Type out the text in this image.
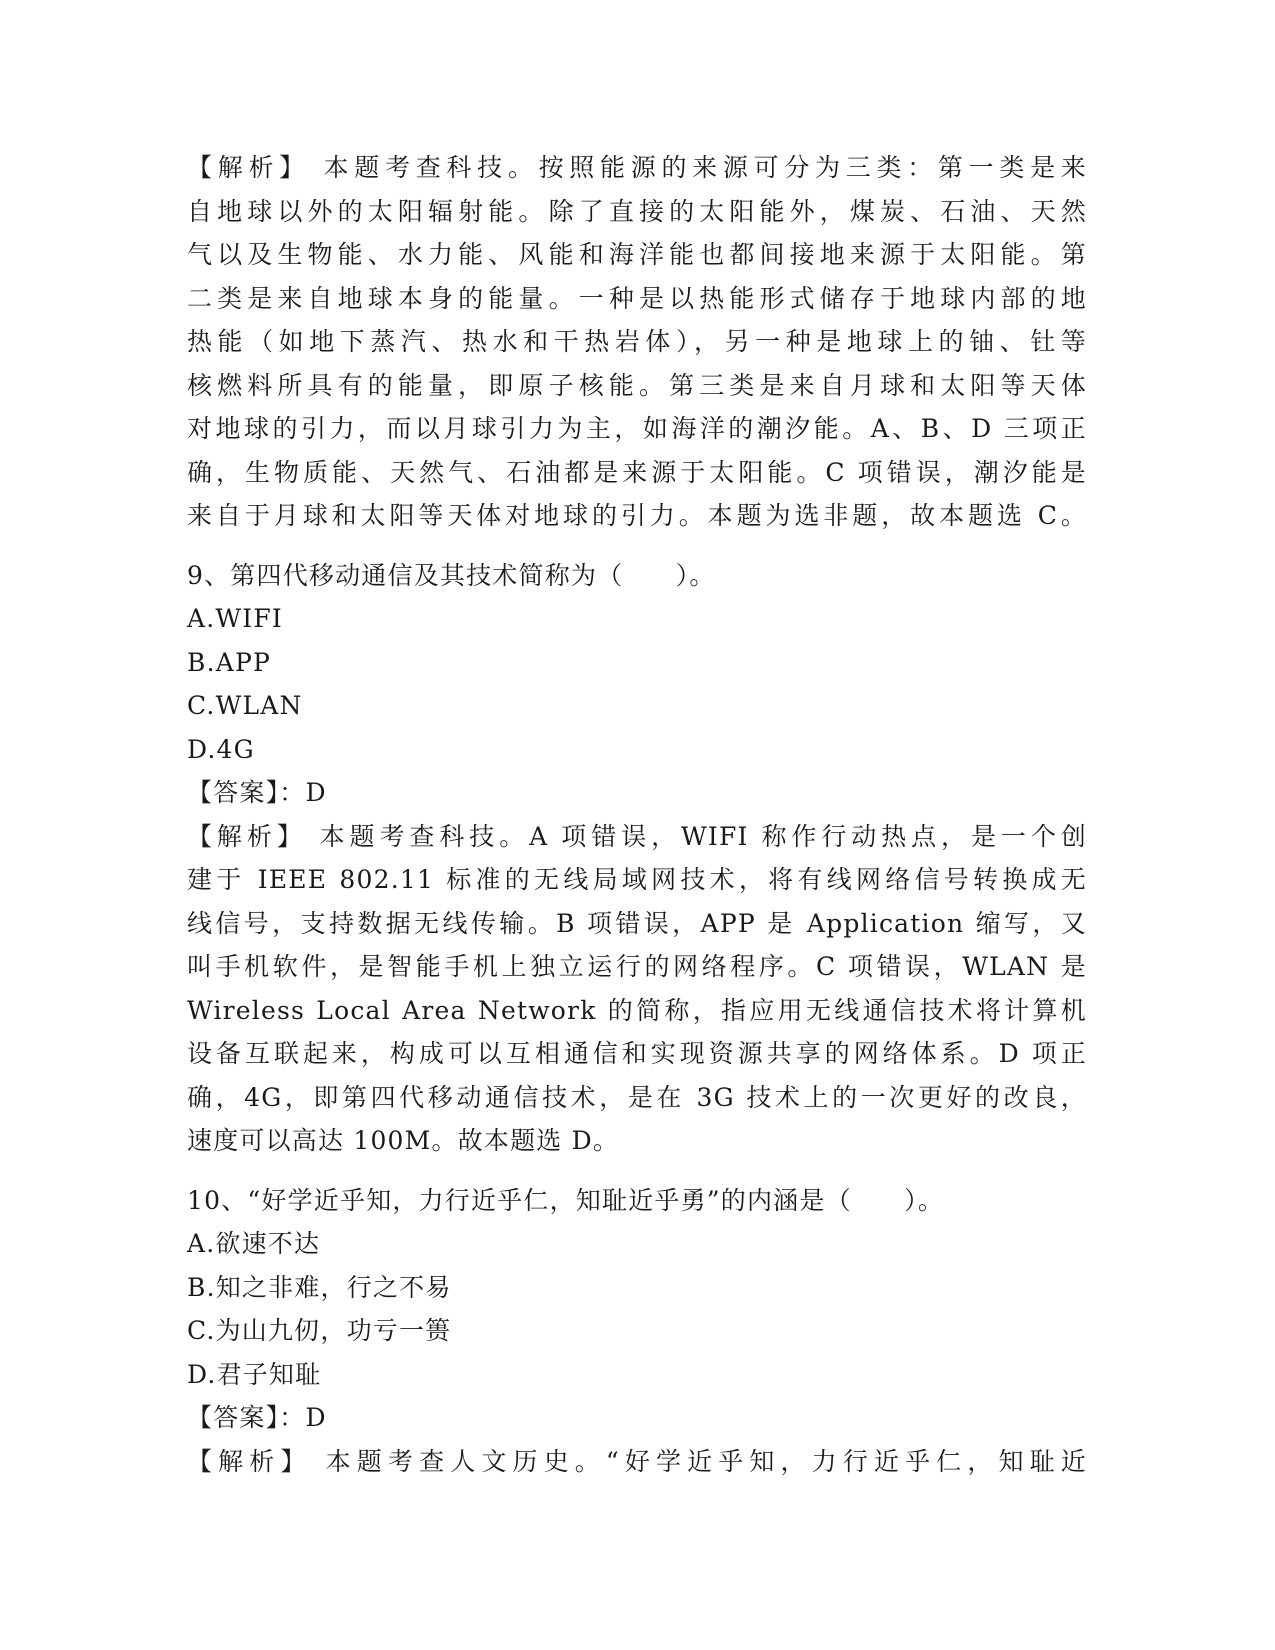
【解析】 本题考查科技。按照能源的来源可分为三类：第一类是来
自地球以外的太阳辐射能。除了直接的太阳能外，煤炭、石油、天然
气以及生物能、水力能、风能和海洋能也都间接地来源于太阳能。第
二类是来自地球本身的能量。一种是以热能形式储存于地球内部的地
热能（如地下蒸汽、热水和干热岩体），另一种是地球上的铀、钍等
核燃料所具有的能量，即原子核能。第三类是来自月球和太阳等天体
对地球的引力，而以月球引力为主，如海洋的潮汐能。A、B、D 三项正
确，生物质能、天然气、石油都是来源于太阳能。C 项错误，潮汐能是
来自于月球和太阳等天体对地球的引力。本题为选非题，故本题选 C。
9、第四代移动通信及其技术简称为（　　）。
A.WIFI
B.APP
C.WLAN
D.4G
【答案】：D
【解析】 本题考查科技。A 项错误，WIFI 称作行动热点，是一个创
建于 IEEE 802.11 标准的无线局域网技术，将有线网络信号转换成无
线信号，支持数据无线传输。B 项错误，APP 是 Application 缩写，又
叫手机软件，是智能手机上独立运行的网络程序。C 项错误，WLAN 是
Wireless Local Area Network 的简称，指应用无线通信技术将计算机
设备互联起来，构成可以互相通信和实现资源共享的网络体系。D 项正
确，4G，即第四代移动通信技术，是在 3G 技术上的一次更好的改良，
速度可以高达 100M。故本题选 D。
10、“好学近乎知，力行近乎仁，知耻近乎勇”的内涵是（　　）。
A.欲速不达
B.知之非难，行之不易
C.为山九仞，功亏一篑
D.君子知耻
【答案】：D
【解析】 本题考查人文历史。“好学近乎知，力行近乎仁，知耻近
